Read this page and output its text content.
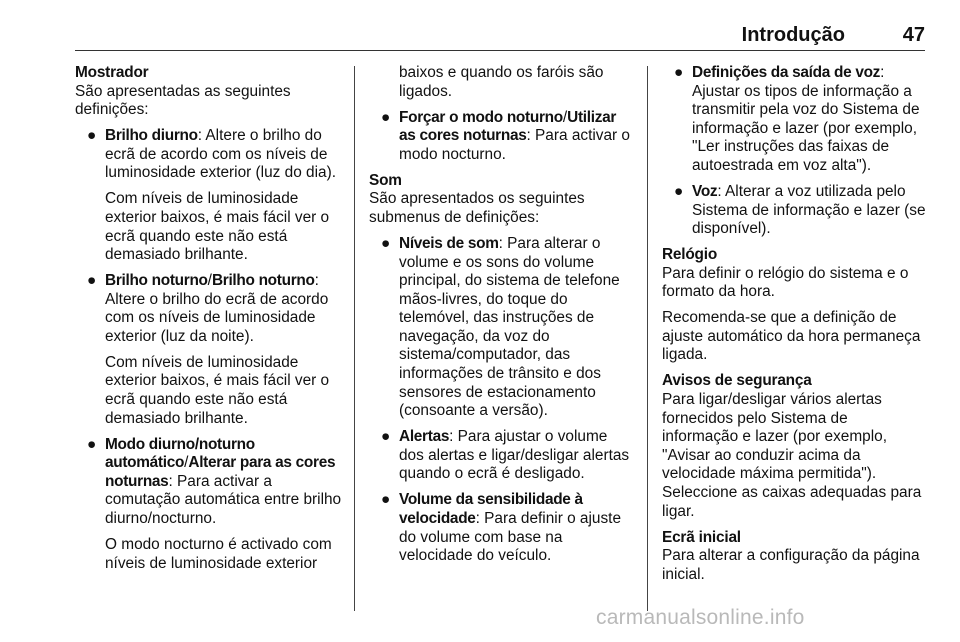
Introdução	47

Mostrador

São apresentadas as seguintes definições:

● Brilho diurno: Altere o brilho do ecrã de acordo com os níveis de luminosidade exterior (luz do dia).

Com níveis de luminosidade exterior baixos, é mais fácil ver o ecrã quando este não está demasiado brilhante.

● Brilho noturno/Brilho noturno: Altere o brilho do ecrã de acordo com os níveis de luminosidade exterior (luz da noite).

Com níveis de luminosidade exterior baixos, é mais fácil ver o ecrã quando este não está demasiado brilhante.

● Modo diurno/noturno automático/Alterar para as cores noturnas: Para activar a comutação automática entre brilho diurno/nocturno.

O modo nocturno é activado com níveis de luminosidade exterior

baixos e quando os faróis são ligados.

● Forçar o modo noturno/Utilizar as cores noturnas: Para activar o modo nocturno.

Som

São apresentados os seguintes submenus de definições:

● Níveis de som: Para alterar o volume e os sons do volume principal, do sistema de telefone mãos-livres, do toque do telemóvel, das instruções de navegação, da voz do sistema/computador, das informações de trânsito e dos sensores de estacionamento (consoante a versão).

● Alertas: Para ajustar o volume dos alertas e ligar/desligar alertas quando o ecrã é desligado.

● Volume da sensibilidade à velocidade: Para definir o ajuste do volume com base na velocidade do veículo.

● Definições da saída de voz: Ajustar os tipos de informação a transmitir pela voz do Sistema de informação e lazer (por exemplo, "Ler instruções das faixas de autoestrada em voz alta").

● Voz: Alterar a voz utilizada pelo Sistema de informação e lazer (se disponível).

Relógio

Para definir o relógio do sistema e o formato da hora.

Recomenda-se que a definição de ajuste automático da hora permaneça ligada.

Avisos de segurança

Para ligar/desligar vários alertas fornecidos pelo Sistema de informação e lazer (por exemplo, "Avisar ao conduzir acima da velocidade máxima permitida"). Seleccione as caixas adequadas para ligar.

Ecrã inicial

Para alterar a configuração da página inicial.

carmanualsonline.info
